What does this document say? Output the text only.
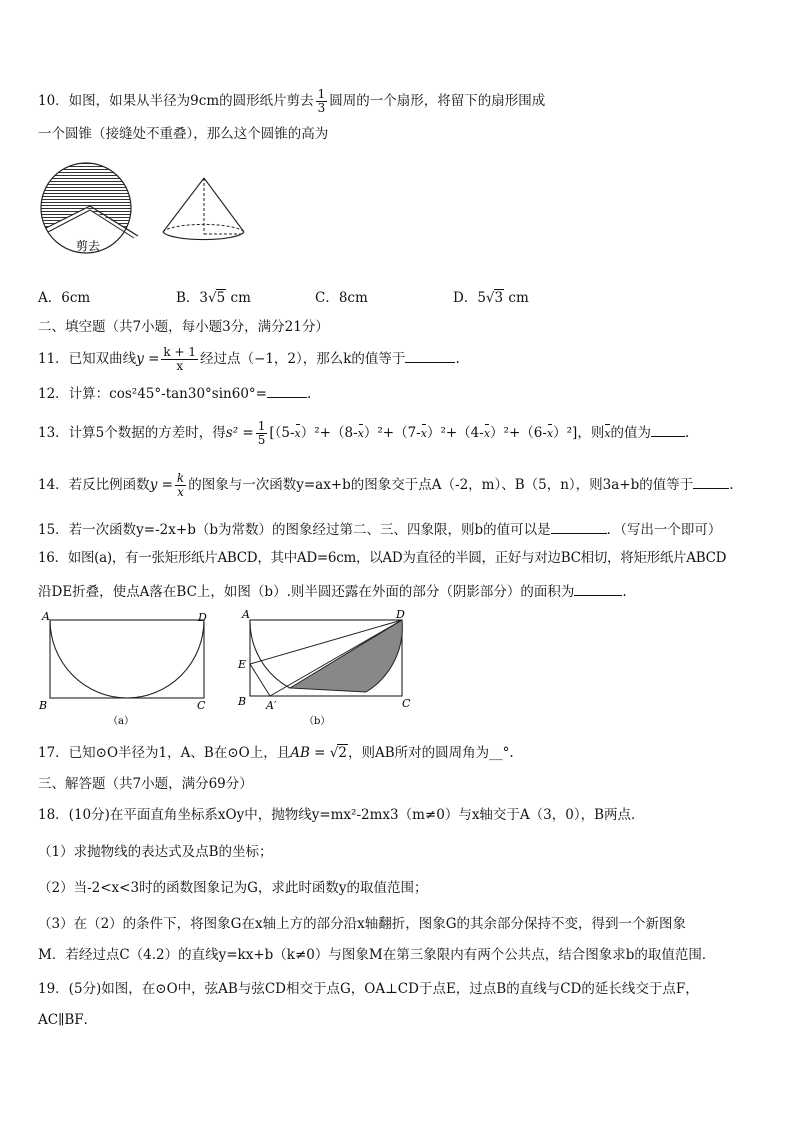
10．如图，如果从半径为9cm的圆形纸片剪去 $\frac{1}{3}$ 圆周的一个扇形，将留下的扇形围成
一个圆锥（接缝处不重叠），那么这个圆锥的高为
剪去
A．6cm	B．3√5 cm	C．8cm	D．5√3 cm
二、填空题（共7小题，每小题3分，满分21分）
11．已知双曲线$y = \frac{k + 1}{x}$ 经过点（−1，2），那么k的值等于	.
12．计算：cos²45°-tan30°sin60°=	.
13．计算5个数据的方差时，得$s^2 = \frac{1}{5} [(5-x)^2+(8-x)^2+(7-x)^2+(4-x)^2+(6-x)^2]$，则x的值为	.
14．若反比例函数$y = \frac{k}{x}$ 的图象与一次函数y=ax+b的图象交于点A（-2，m）、B（5，n），则3a+b的值等于	.
15．若一次函数y=-2x+b（b为常数）的图象经过第二、三、四象限，则b的值可以是	．（写出一个即可）
16．如图(a)，有一张矩形纸片ABCD，其中AD=6cm，以AD为直径的半圆，正好与对边BC相切，将矩形纸片ABCD
沿DE折叠，使点A落在BC上，如图（b）.则半圆还露在外面的部分（阴影部分）的面积为	.
A	D
B	C
（a）
A	D
E
B A′	C
（b）
17．已知⊙O半径为1，A、B在⊙O上，且AB = √2，则AB所对的圆周角为__°.
三、解答题（共7小题，满分69分）
18．(10分)在平面直角坐标系xOy中，抛物线y=mx²-2mx3（m≠0）与x轴交于A（3，0），B两点．
（1）求抛物线的表达式及点B的坐标；
（2）当-2<x<3时的函数图象记为G，求此时函数y的取值范围；
（3）在（2）的条件下，将图象G在x轴上方的部分沿x轴翻折，图象G的其余部分保持不变，得到一个新图象
M．若经过点C（4.2）的直线y=kx+b（k≠0）与图象M在第三象限内有两个公共点，结合图象求b的取值范围．
19．(5分)如图，在⊙O中，弦AB与弦CD相交于点G，OA⊥CD于点E，过点B的直线与CD的延长线交于点F，
AC∥BF．
